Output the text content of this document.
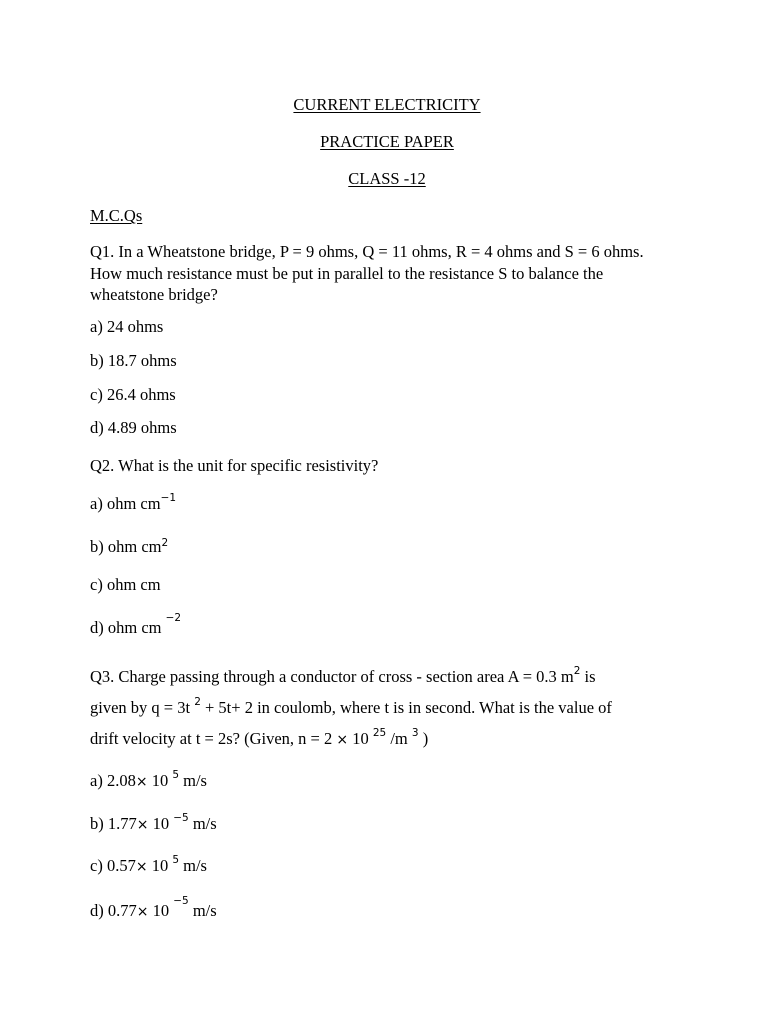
CURRENT ELECTRICITY
PRACTICE PAPER
CLASS -12
M.C.Qs
Q1. In a Wheatstone bridge, P = 9 ohms, Q = 11 ohms, R = 4 ohms and S = 6 ohms. How much resistance must be put in parallel to the resistance S to balance the wheatstone bridge?
a) 24 ohms
b) 18.7 ohms
c) 26.4 ohms
d) 4.89 ohms
Q2. What is the unit for specific resistivity?
a) ohm $cm^{-1}$
b) ohm $cm^2$
c) ohm cm
d) ohm cm $^{-2}$
Q3. Charge passing through a conductor of cross - section area A = 0.3 $m^2$ is
given by q = 3t $^2$ + 5t+ 2 in coulomb, where t is in second. What is the value of
drift velocity at t = 2s? (Given, n = 2 × 10 $^{25}$ /m $^3$ )
a) 2.08× 10 $^5$ m/s
b) 1.77× 10 $^{-5}$ m/s
c) 0.57× 10 $^5$ m/s
d) 0.77× 10 $^{-5}$ m/s
